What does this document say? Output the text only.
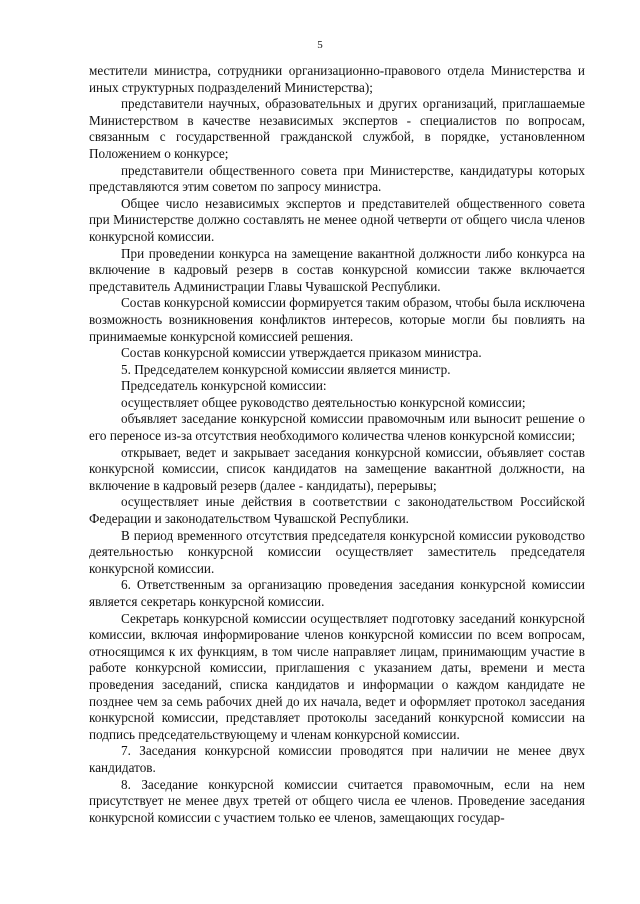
5

местители министра, сотрудники организационно-правового отдела Министерства и иных структурных подразделений Министерства);

представители научных, образовательных и других организаций, приглашаемые Министерством в качестве независимых экспертов - специалистов по вопросам, связанным с государственной гражданской службой, в порядке, установленном Положением о конкурсе;

представители общественного совета при Министерстве, кандидатуры которых представляются этим советом по запросу министра.

Общее число независимых экспертов и представителей общественного совета при Министерстве должно составлять не менее одной четверти от общего числа членов конкурсной комиссии.

При проведении конкурса на замещение вакантной должности либо конкурса на включение в кадровый резерв в состав конкурсной комиссии также включается представитель Администрации Главы Чувашской Республики.

Состав конкурсной комиссии формируется таким образом, чтобы была исключена возможность возникновения конфликтов интересов, которые могли бы повлиять на принимаемые конкурсной комиссией решения.

Состав конкурсной комиссии утверждается приказом министра.

5. Председателем конкурсной комиссии является министр.

Председатель конкурсной комиссии:

осуществляет общее руководство деятельностью конкурсной комиссии;

объявляет заседание конкурсной комиссии правомочным или выносит решение о его переносе из-за отсутствия необходимого количества членов конкурсной комиссии;

открывает, ведет и закрывает заседания конкурсной комиссии, объявляет состав конкурсной комиссии, список кандидатов на замещение вакантной должности, на включение в кадровый резерв (далее - кандидаты), перерывы;

осуществляет иные действия в соответствии с законодательством Российской Федерации и законодательством Чувашской Республики.

В период временного отсутствия председателя конкурсной комиссии руководство деятельностью конкурсной комиссии осуществляет заместитель председателя конкурсной комиссии.

6. Ответственным за организацию проведения заседания конкурсной комиссии является секретарь конкурсной комиссии.

Секретарь конкурсной комиссии осуществляет подготовку заседаний конкурсной комиссии, включая информирование членов конкурсной комиссии по всем вопросам, относящимся к их функциям, в том числе направляет лицам, принимающим участие в работе конкурсной комиссии, приглашения с указанием даты, времени и места проведения заседаний, списка кандидатов и информации о каждом кандидате не позднее чем за семь рабочих дней до их начала, ведет и оформляет протокол заседания конкурсной комиссии, представляет протоколы заседаний конкурсной комиссии на подпись председательствующему и членам конкурсной комиссии.

7. Заседания конкурсной комиссии проводятся при наличии не менее двух кандидатов.

8. Заседание конкурсной комиссии считается правомочным, если на нем присутствует не менее двух третей от общего числа ее членов. Проведение заседания конкурсной комиссии с участием только ее членов, замещающих государ-
